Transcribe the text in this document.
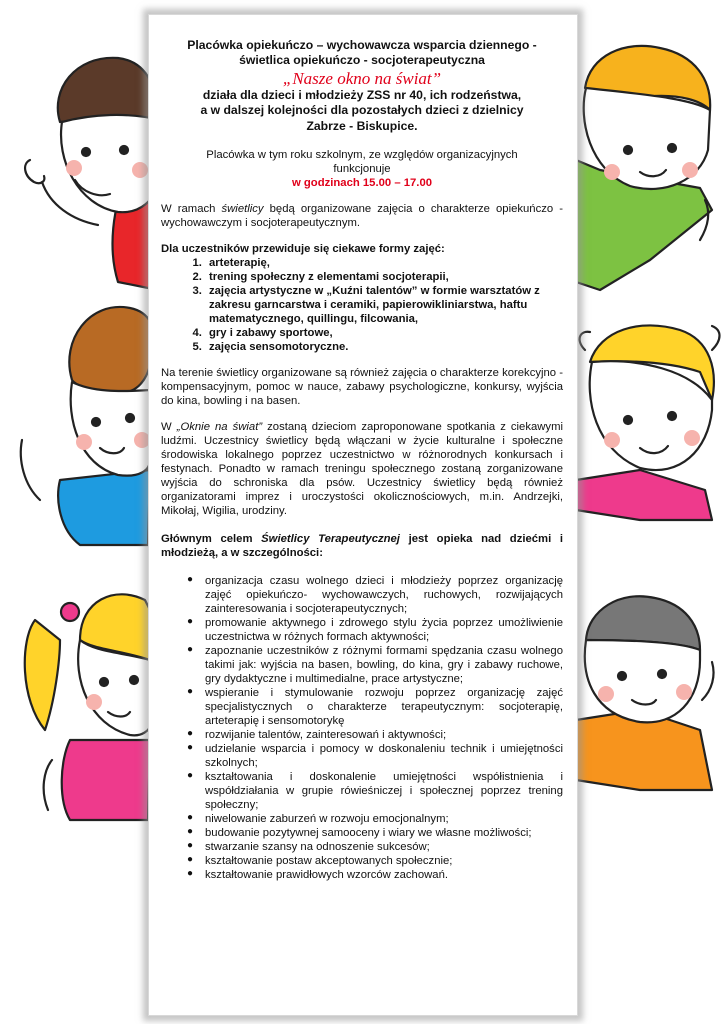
Placówka opiekuńczo – wychowawcza wsparcia dziennego -

świetlica opiekuńczo - socjoterapeutyczna

„Nasze okno na świat”

działa dla dzieci i młodzieży ZSS nr 40, ich rodzeństwa,

a w dalszej kolejności dla pozostałych dzieci z dzielnicy

Zabrze - Biskupice.

Placówka w tym roku szkolnym, ze względów organizacyjnych

funkcjonuje

w godzinach 15.00 – 17.00

W ramach świetlicy będą organizowane zajęcia o charakterze opiekuńczo - wychowawczym i socjoterapeutycznym.

Dla uczestników przewiduje się ciekawe formy zajęć:

1. arteterapię,
2. trening społeczny z elementami socjoterapii,
3. zajęcia artystyczne w „Kuźni talentów” w formie warsztatów z zakresu garncarstwa i ceramiki, papierowikliniarstwa, haftu matematycznego, quillingu, filcowania,
4. gry i zabawy sportowe,
5. zajęcia sensomotoryczne.

Na terenie świetlicy organizowane są również zajęcia o charakterze korekcyjno - kompensacyjnym, pomoc w nauce, zabawy psychologiczne, konkursy, wyjścia do kina, bowling i na basen.

W „Oknie na świat” zostaną dzieciom zaproponowane spotkania z ciekawymi ludźmi. Uczestnicy świetlicy będą włączani w życie kulturalne i społeczne środowiska lokalnego poprzez uczestnictwo w różnorodnych konkursach i festynach. Ponadto w ramach treningu społecznego zostaną zorganizowane wyjścia do schroniska dla psów. Uczestnicy świetlicy będą również organizatorami imprez i uroczystości okolicznościowych, m.in. Andrzejki, Mikołaj, Wigilia, urodziny.

Głównym celem Świetlicy Terapeutycznej jest opieka nad dziećmi i młodzieżą, a w szczególności:

● organizacja czasu wolnego dzieci i młodzieży poprzez organizację zajęć opiekuńczo- wychowawczych, ruchowych, rozwijających zainteresowania i socjoterapeutycznych;
● promowanie aktywnego i zdrowego stylu życia poprzez umożliwienie uczestnictwa w różnych formach aktywności;
● zapoznanie uczestników z różnymi formami spędzania czasu wolnego takimi jak: wyjścia na basen, bowling, do kina, gry i zabawy ruchowe, gry dydaktyczne i multimedialne, prace artystyczne;
● wspieranie i stymulowanie rozwoju poprzez organizację zajęć specjalistycznych o charakterze terapeutycznym: socjoterapię, arteterapię i sensomotorykę
● rozwijanie talentów, zainteresowań i aktywności;
● udzielanie wsparcia i pomocy w doskonaleniu technik i umiejętności szkolnych;
● kształtowania i doskonalenie umiejętności współistnienia i współdziałania w grupie rówieśniczej i społecznej poprzez trening społeczny;
● niwelowanie zaburzeń w rozwoju emocjonalnym;
● budowanie pozytywnej samooceny i wiary we własne możliwości;
● stwarzanie szansy na odnoszenie sukcesów;
● kształtowanie postaw akceptowanych społecznie;
● kształtowanie prawidłowych wzorców zachowań.
